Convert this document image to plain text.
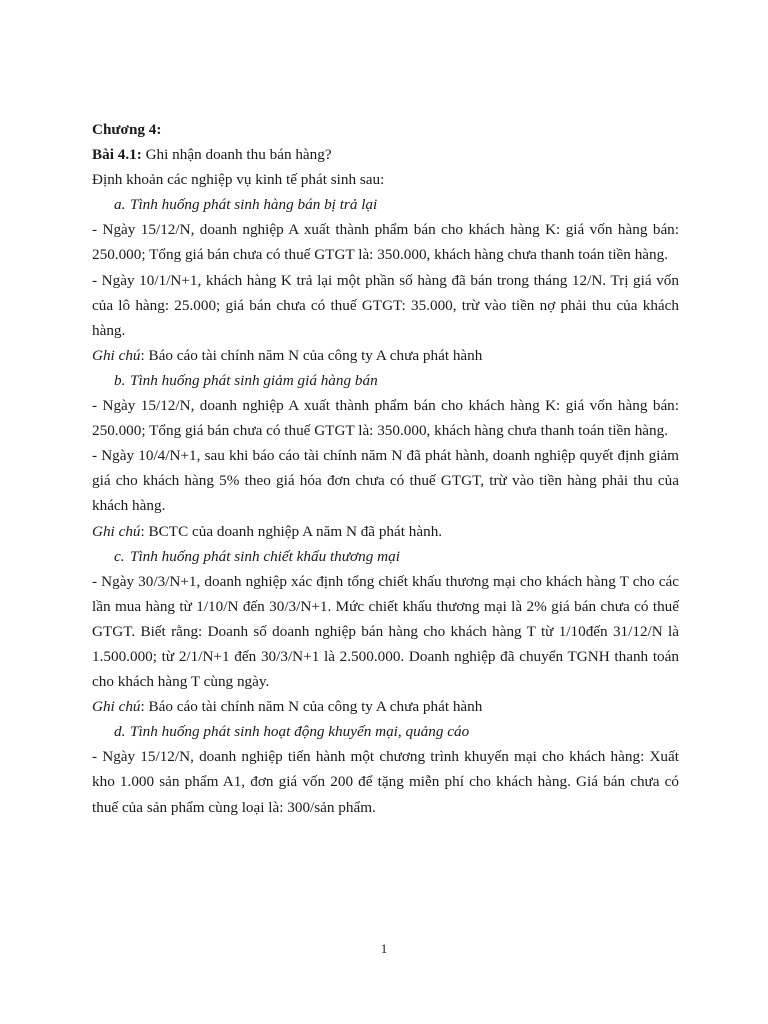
Chương 4:

Bài 4.1: Ghi nhận doanh thu bán hàng?

Định khoản các nghiệp vụ kinh tế phát sinh sau:

a. Tình huống phát sinh hàng bán bị trả lại

- Ngày 15/12/N, doanh nghiệp A xuất thành phẩm bán cho khách hàng K: giá vốn hàng bán: 250.000; Tổng giá bán chưa có thuế GTGT là: 350.000, khách hàng chưa thanh toán tiền hàng.

- Ngày 10/1/N+1, khách hàng K trả lại một phần số hàng đã bán trong tháng 12/N. Trị giá vốn của lô hàng: 25.000; giá bán chưa có thuế GTGT: 35.000, trừ vào tiền nợ phải thu của khách hàng.

Ghi chú: Báo cáo tài chính năm N của công ty A chưa phát hành

b. Tình huống phát sinh giảm giá hàng bán

- Ngày 15/12/N, doanh nghiệp A xuất thành phẩm bán cho khách hàng K: giá vốn hàng bán: 250.000; Tổng giá bán chưa có thuế GTGT là: 350.000, khách hàng chưa thanh toán tiền hàng.

- Ngày 10/4/N+1, sau khi báo cáo tài chính năm N đã phát hành, doanh nghiệp quyết định giảm giá cho khách hàng 5% theo giá hóa đơn chưa có thuế GTGT, trừ vào tiền hàng phải thu của khách hàng.

Ghi chú: BCTC của doanh nghiệp A năm N đã phát hành.

c. Tình huống phát sinh chiết khấu thương mại

- Ngày 30/3/N+1, doanh nghiệp xác định tổng chiết khấu thương mại cho khách hàng T cho các lần mua hàng từ 1/10/N đến 30/3/N+1. Mức chiết khấu thương mại là 2% giá bán chưa có thuế GTGT. Biết rằng: Doanh số doanh nghiệp bán hàng cho khách hàng T từ 1/10đến 31/12/N là 1.500.000; từ 2/1/N+1 đến 30/3/N+1 là 2.500.000. Doanh nghiệp đã chuyển TGNH thanh toán cho khách hàng T cùng ngày.

Ghi chú: Báo cáo tài chính năm N của công ty A chưa phát hành

d. Tình huống phát sinh hoạt động khuyến mại, quảng cáo

- Ngày 15/12/N, doanh nghiệp tiến hành một chương trình khuyến mại cho khách hàng: Xuất kho 1.000 sản phẩm A1, đơn giá vốn 200 để tặng miễn phí cho khách hàng. Giá bán chưa có thuế của sản phẩm cùng loại là: 300/sản phẩm.

1
